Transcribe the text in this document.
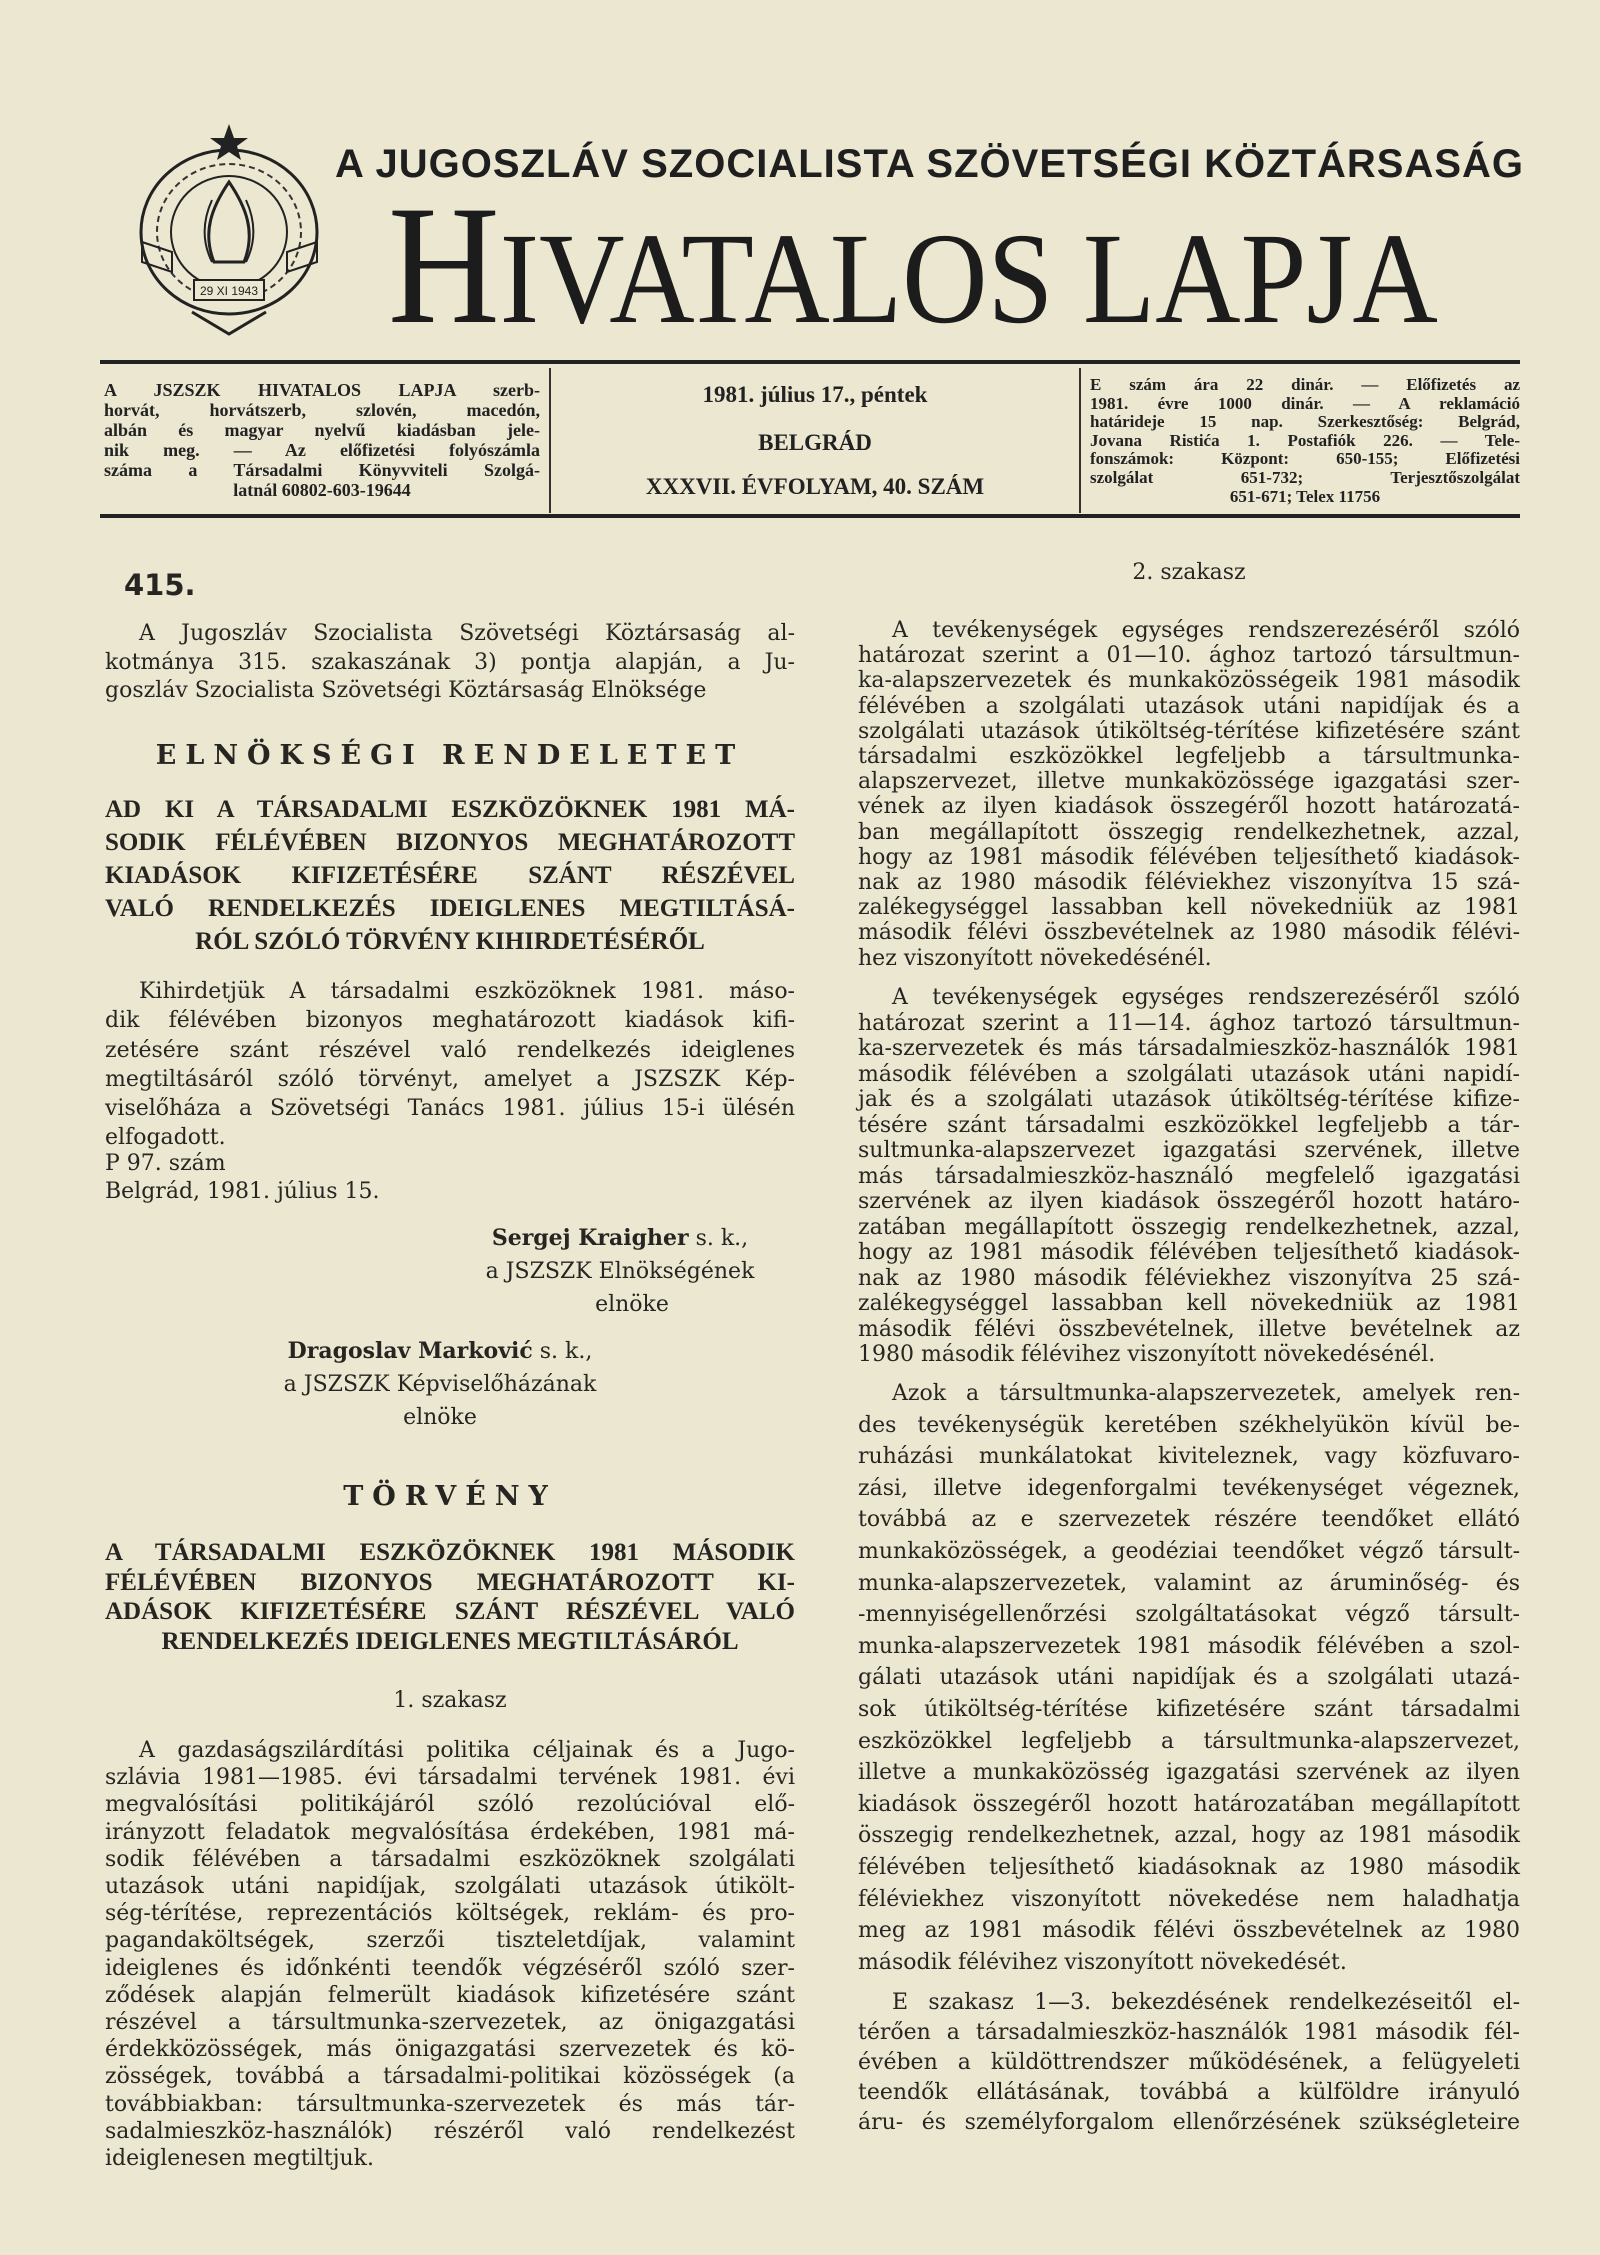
29 XI 1943
A JUGOSZLÁV SZOCIALISTA SZÖVETSÉGI KÖZTÁRSASÁG
HIVATALOS LAPJA
A JSZSZK HIVATALOS LAPJA szerb-
horvát, horvátszerb, szlovén, macedón,
albán és magyar nyelvű kiadásban jele-
nik meg. — Az előfizetési folyószámla
száma a Társadalmi Könyvviteli Szolgá-
latnál 60802-603-19644
1981. július 17., péntek
BELGRÁD
XXXVII. ÉVFOLYAM, 40. SZÁM
E szám ára 22 dinár. — Előfizetés az
1981. évre 1000 dinár. — A reklamáció
határideje 15 nap. Szerkesztőség: Belgrád,
Jovana Ristića 1. Postafiók 226. — Tele-
fonszámok: Központ: 650-155; Előfizetési
szolgálat 651-732; Terjesztőszolgálat
651-671; Telex 11756
415.
A Jugoszláv Szocialista Szövetségi Köztársaság al-
kotmánya 315. szakaszának 3) pontja alapján, a Ju-
goszláv Szocialista Szövetségi Köztársaság Elnöksége
ELNÖKSÉGI RENDELETET
AD KI A TÁRSADALMI ESZKÖZÖKNEK 1981 MÁ-
SODIK FÉLÉVÉBEN BIZONYOS MEGHATÁROZOTT
KIADÁSOK KIFIZETÉSÉRE SZÁNT RÉSZÉVEL
VALÓ RENDELKEZÉS IDEIGLENES MEGTILTÁSÁ-
RÓL SZÓLÓ TÖRVÉNY KIHIRDETÉSÉRŐL
Kihirdetjük A társadalmi eszközöknek 1981. máso-
dik félévében bizonyos meghatározott kiadások kifi-
zetésére szánt részével való rendelkezés ideiglenes
megtiltásáról szóló törvényt, amelyet a JSZSZK Kép-
viselőháza a Szövetségi Tanács 1981. július 15-i ülésén
elfogadott.
P 97. szám
Belgrád, 1981. július 15.
Sergej Kraigher s. k.,
a JSZSZK Elnökségének
elnöke
Dragoslav Marković s. k.,
a JSZSZK Képviselőházának
elnöke
TÖRVÉNY
A TÁRSADALMI ESZKÖZÖKNEK 1981 MÁSODIK
FÉLÉVÉBEN BIZONYOS MEGHATÁROZOTT KI-
ADÁSOK KIFIZETÉSÉRE SZÁNT RÉSZÉVEL VALÓ
RENDELKEZÉS IDEIGLENES MEGTILTÁSÁRÓL
1. szakasz
A gazdaságszilárdítási politika céljainak és a Jugo-
szlávia 1981—1985. évi társadalmi tervének 1981. évi
megvalósítási politikájáról szóló rezolúcióval elő-
irányzott feladatok megvalósítása érdekében, 1981 má-
sodik félévében a társadalmi eszközöknek szolgálati
utazások utáni napidíjak, szolgálati utazások útikölt-
ség-térítése, reprezentációs költségek, reklám- és pro-
pagandaköltségek, szerzői tiszteletdíjak, valamint
ideiglenes és időnkénti teendők végzéséről szóló szer-
ződések alapján felmerült kiadások kifizetésére szánt
részével a társultmunka-szervezetek, az önigazgatási
érdekközösségek, más önigazgatási szervezetek és kö-
zösségek, továbbá a társadalmi-politikai közösségek (a
továbbiakban: társultmunka-szervezetek és más tár-
sadalmieszköz-használók) részéről való rendelkezést
ideiglenesen megtiltjuk.
2. szakasz
A tevékenységek egységes rendszerezéséről szóló
határozat szerint a 01—10. ághoz tartozó társultmun-
ka-alapszervezetek és munkaközösségeik 1981 második
félévében a szolgálati utazások utáni napidíjak és a
szolgálati utazások útiköltség-térítése kifizetésére szánt
társadalmi eszközökkel legfeljebb a társultmunka-
alapszervezet, illetve munkaközössége igazgatási szer-
vének az ilyen kiadások összegéről hozott határozatá-
ban megállapított összegig rendelkezhetnek, azzal,
hogy az 1981 második félévében teljesíthető kiadások-
nak az 1980 második féléviekhez viszonyítva 15 szá-
zalékegységgel lassabban kell növekedniük az 1981
második félévi összbevételnek az 1980 második félévi-
hez viszonyított növekedésénél.
A tevékenységek egységes rendszerezéséről szóló
határozat szerint a 11—14. ághoz tartozó társultmun-
ka-szervezetek és más társadalmieszköz-használók 1981
második félévében a szolgálati utazások utáni napidí-
jak és a szolgálati utazások útiköltség-térítése kifize-
tésére szánt társadalmi eszközökkel legfeljebb a tár-
sultmunka-alapszervezet igazgatási szervének, illetve
más társadalmieszköz-használó megfelelő igazgatási
szervének az ilyen kiadások összegéről hozott határo-
zatában megállapított összegig rendelkezhetnek, azzal,
hogy az 1981 második félévében teljesíthető kiadások-
nak az 1980 második féléviekhez viszonyítva 25 szá-
zalékegységgel lassabban kell növekedniük az 1981
második félévi összbevételnek, illetve bevételnek az
1980 második félévihez viszonyított növekedésénél.
Azok a társultmunka-alapszervezetek, amelyek ren-
des tevékenységük keretében székhelyükön kívül be-
ruházási munkálatokat kiviteleznek, vagy közfuvaro-
zási, illetve idegenforgalmi tevékenységet végeznek,
továbbá az e szervezetek részére teendőket ellátó
munkaközösségek, a geodéziai teendőket végző társult-
munka-alapszervezetek, valamint az áruminőség- és
-mennyiségellenőrzési szolgáltatásokat végző társult-
munka-alapszervezetek 1981 második félévében a szol-
gálati utazások utáni napidíjak és a szolgálati utazá-
sok útiköltség-térítése kifizetésére szánt társadalmi
eszközökkel legfeljebb a társultmunka-alapszervezet,
illetve a munkaközösség igazgatási szervének az ilyen
kiadások összegéről hozott határozatában megállapított
összegig rendelkezhetnek, azzal, hogy az 1981 második
félévében teljesíthető kiadásoknak az 1980 második
féléviekhez viszonyított növekedése nem haladhatja
meg az 1981 második félévi összbevételnek az 1980
második félévihez viszonyított növekedését.
E szakasz 1—3. bekezdésének rendelkezéseitől el-
térően a társadalmieszköz-használók 1981 második fél-
évében a küldöttrendszer működésének, a felügyeleti
teendők ellátásának, továbbá a külföldre irányuló
áru- és személyforgalom ellenőrzésének szükségleteire
